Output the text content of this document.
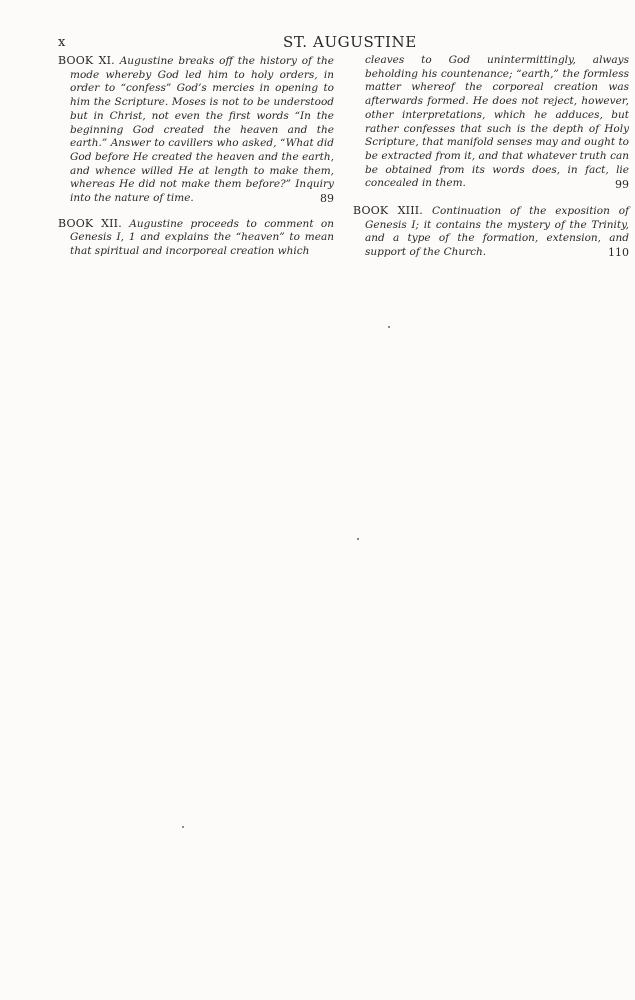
x	ST. AUGUSTINE

BOOK XI. Augustine breaks off the history of the mode whereby God led him to holy orders, in order to “confess” God’s mercies in opening to him the Scripture. Moses is not to be understood but in Christ, not even the first words “In the beginning God created the heaven and the earth.” Answer to cavillers who asked, “What did God before He created the heaven and the earth, and whence willed He at length to make them, whereas He did not make them before?” Inquiry into the nature of time.	89

BOOK XII. Augustine proceeds to comment on Genesis I, 1 and explains the “heaven” to mean that spiritual and incorporeal creation which

cleaves to God unintermittingly, always beholding his countenance; “earth,” the formless matter whereof the corporeal creation was afterwards formed. He does not reject, however, other interpretations, which he adduces, but rather confesses that such is the depth of Holy Scripture, that manifold senses may and ought to be extracted from it, and that whatever truth can be obtained from its words does, in fact, lie concealed in them.	99

BOOK XIII. Continuation of the exposition of Genesis I; it contains the mystery of the Trinity, and a type of the formation, extension, and support of the Church.	110
